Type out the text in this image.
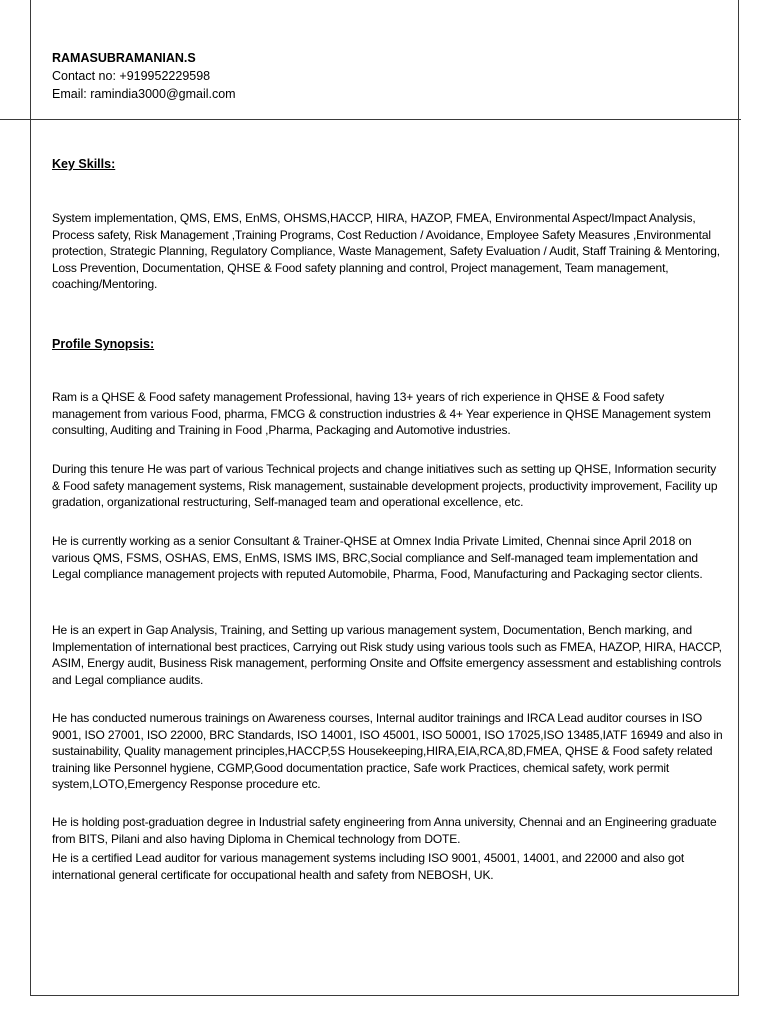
RAMASUBRAMANIAN.S
Contact no: +919952229598
Email: ramindia3000@gmail.com
Key Skills:

System implementation, QMS, EMS, EnMS, OHSMS,HACCP, HIRA, HAZOP, FMEA, Environmental Aspect/Impact Analysis, Process safety, Risk Management ,Training Programs, Cost Reduction / Avoidance, Employee Safety Measures ,Environmental protection, Strategic Planning, Regulatory Compliance, Waste Management, Safety Evaluation / Audit, Staff Training & Mentoring, Loss Prevention, Documentation, QHSE & Food safety planning and control, Project management, Team management, coaching/Mentoring.

Profile Synopsis:

Ram is a QHSE & Food safety management Professional, having 13+ years of rich experience in QHSE & Food safety management from various Food, pharma, FMCG & construction industries & 4+ Year experience in QHSE Management system consulting, Auditing and Training in Food ,Pharma, Packaging and Automotive industries.

During this tenure He was part of various Technical projects and change initiatives such as setting up QHSE, Information security & Food safety management systems, Risk management, sustainable development projects, productivity improvement, Facility up gradation, organizational restructuring, Self-managed team and operational excellence, etc.

He is currently working as a senior Consultant & Trainer-QHSE at Omnex India Private Limited, Chennai since April 2018 on various QMS, FSMS, OSHAS, EMS, EnMS, ISMS IMS, BRC,Social compliance and Self-managed team implementation and Legal compliance management projects with reputed Automobile, Pharma, Food, Manufacturing and Packaging sector clients.

He is an expert in Gap Analysis, Training, and Setting up various management system, Documentation, Bench marking, and Implementation of international best practices, Carrying out Risk study using various tools such as FMEA, HAZOP, HIRA, HACCP, ASIM, Energy audit, Business Risk management, performing Onsite and Offsite emergency assessment and establishing controls and Legal compliance audits.

He has conducted numerous trainings on Awareness courses, Internal auditor trainings and IRCA Lead auditor courses in ISO 9001, ISO 27001, ISO 22000, BRC Standards, ISO 14001, ISO 45001, ISO 50001, ISO 17025,ISO 13485,IATF 16949 and also in sustainability, Quality management principles,HACCP,5S Housekeeping,HIRA,EIA,RCA,8D,FMEA, QHSE & Food safety related training like Personnel hygiene, CGMP,Good documentation practice, Safe work Practices, chemical safety, work permit system,LOTO,Emergency Response procedure etc.

He is holding post-graduation degree in Industrial safety engineering from Anna university, Chennai and an Engineering graduate from BITS, Pilani and also having Diploma in Chemical technology from DOTE.

He is a certified Lead auditor for various management systems including ISO 9001, 45001, 14001, and 22000 and also got international general certificate for occupational health and safety from NEBOSH, UK.
